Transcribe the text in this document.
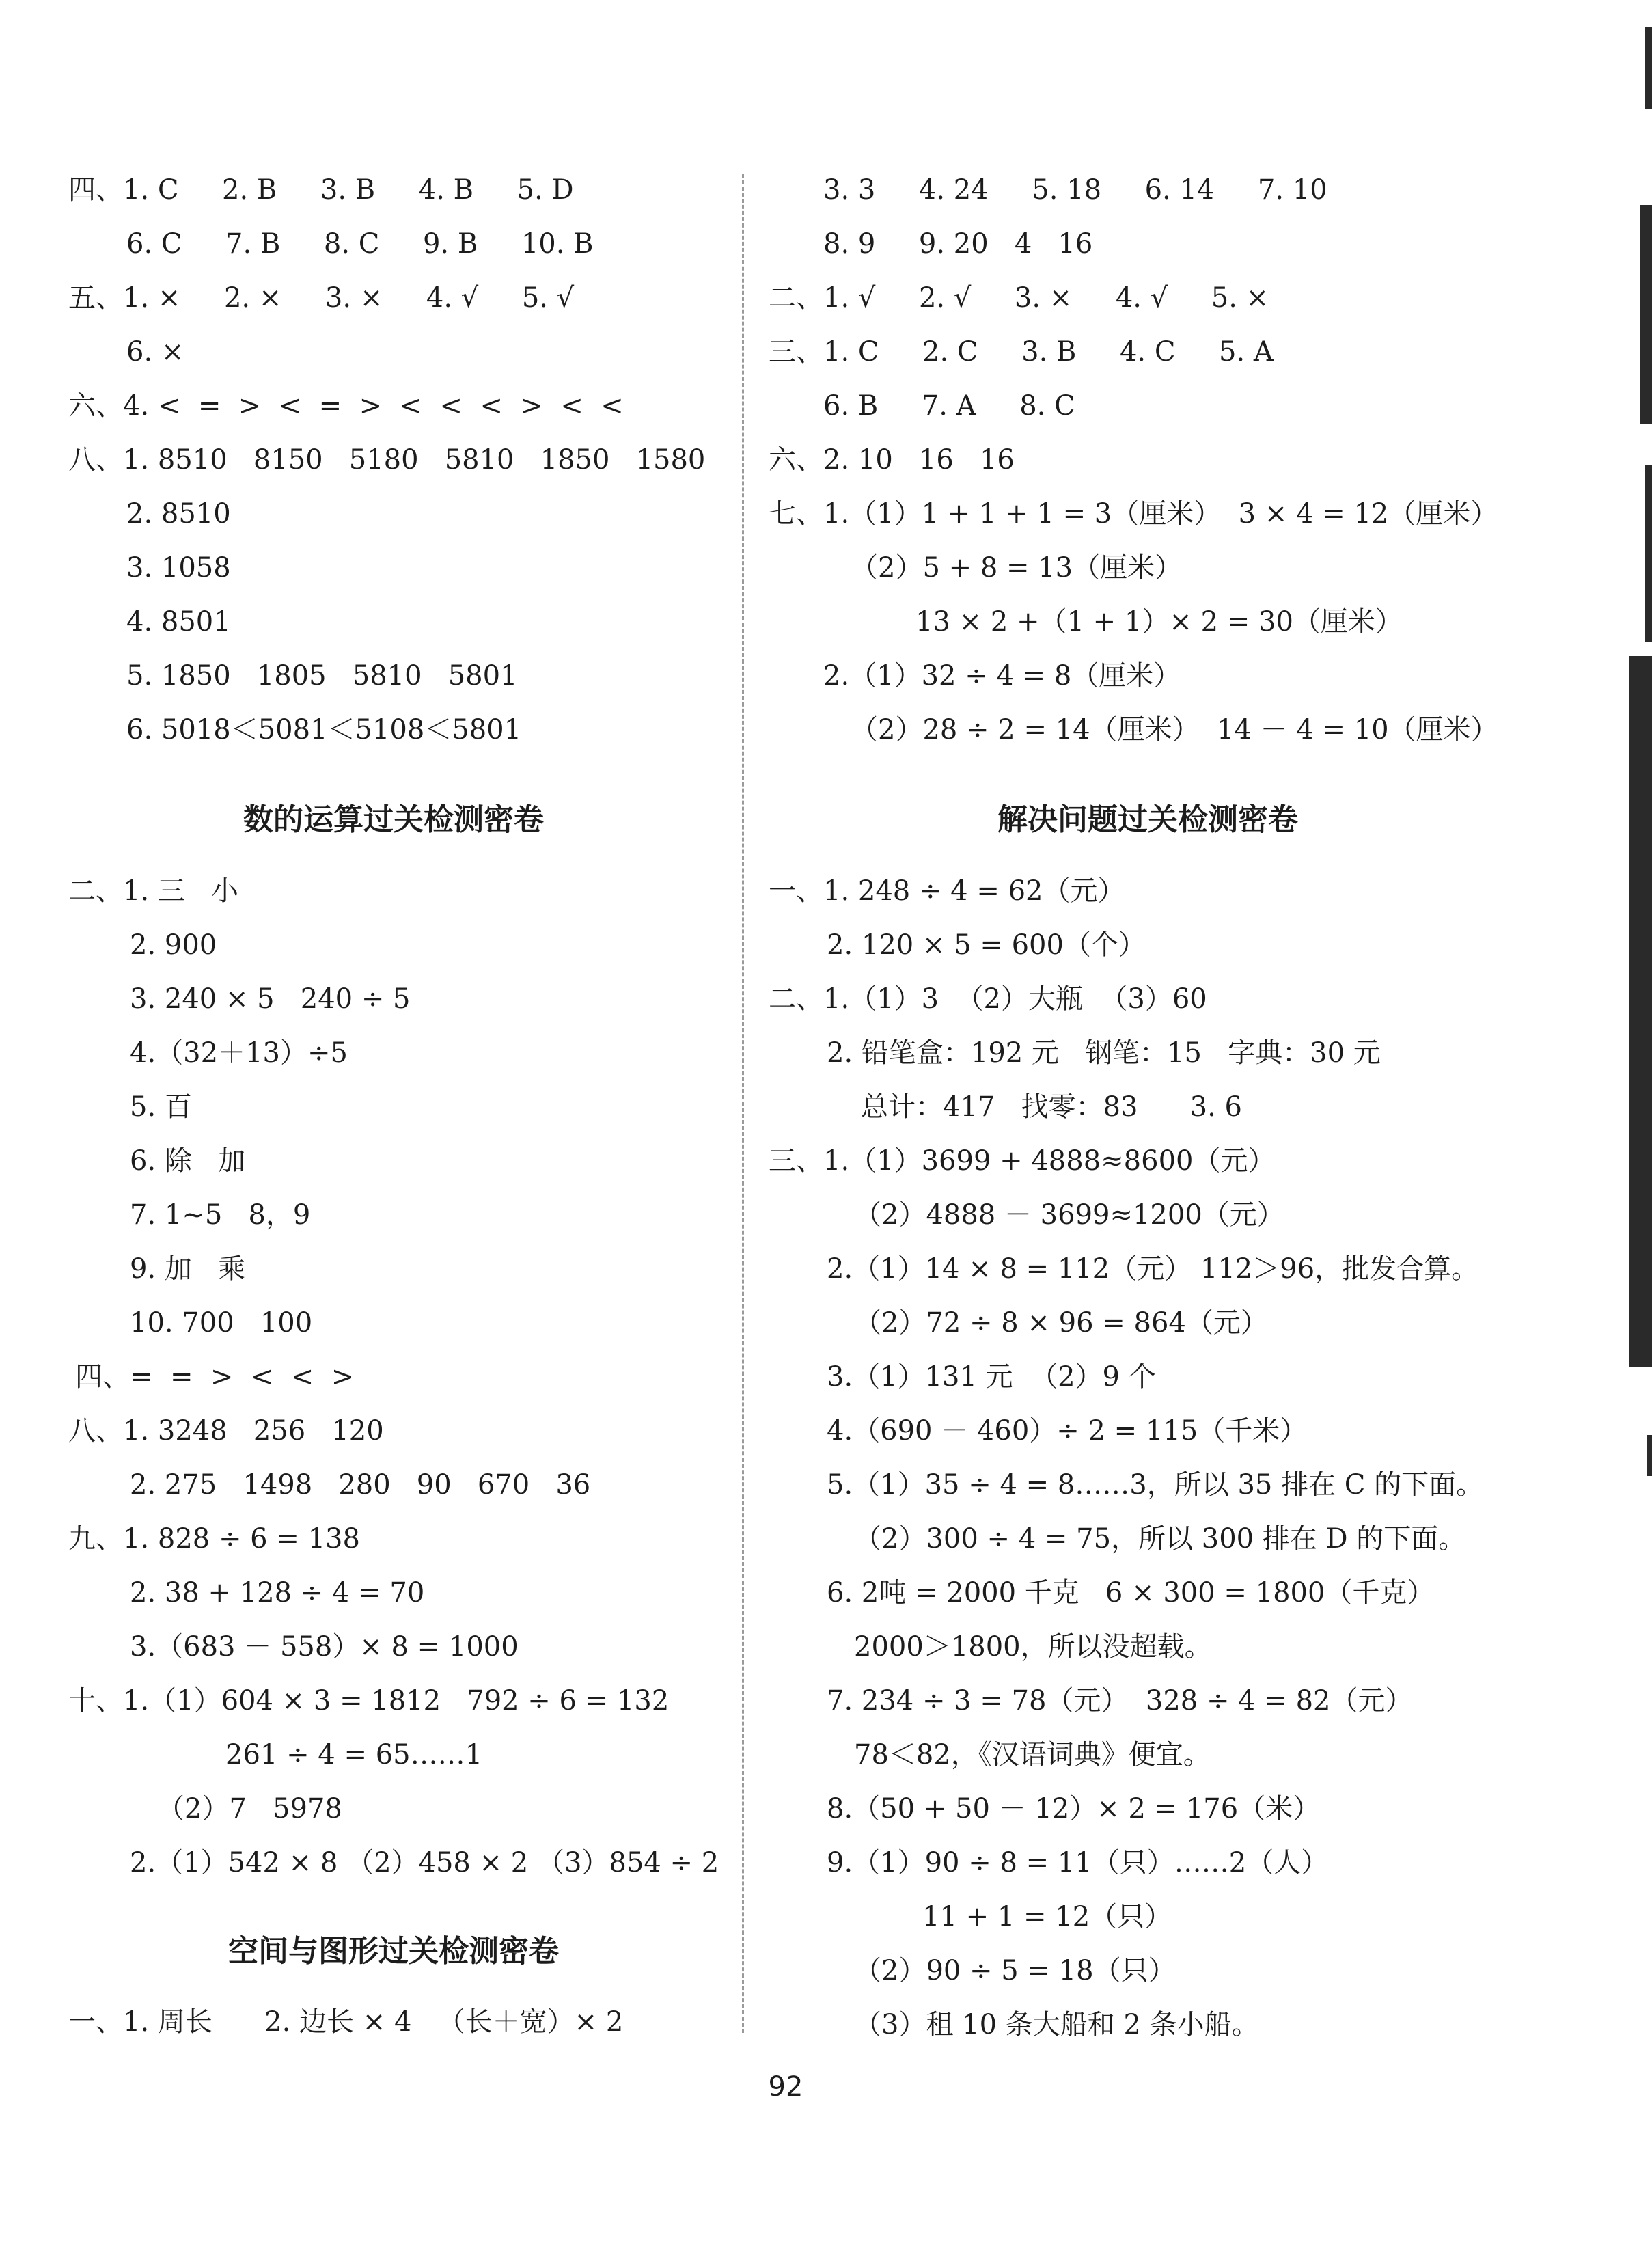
四、1. C     2. B     3. B     4. B     5. D
6. C     7. B     8. C     9. B     10. B
五、1. ×     2. ×     3. ×     4. √     5. √
6. ×
六、4. <  =  >  <  =  >  <  <  <  >  <  <
八、1. 8510   8150   5180   5810   1850   1580
2. 8510
3. 1058
4. 8501
5. 1850   1805   5810   5801
6. 5018＜5081＜5108＜5801
数的运算过关检测密卷
二、1. 三   小
2. 900
3. 240 × 5   240 ÷ 5
4.（32＋13）÷5
5. 百
6. 除   加
7. 1~5   8，9
9. 加   乘
10. 700   100
四、=  =  >  <  <  >
八、1. 3248   256   120
2. 275   1498   280   90   670   36
九、1. 828 ÷ 6 = 138
2. 38 + 128 ÷ 4 = 70
3.（683 － 558）× 8 = 1000
十、1.（1）604 × 3 = 1812   792 ÷ 6 = 132
261 ÷ 4 = 65……1
（2）7   5978
2.（1）542 × 8 （2）458 × 2 （3）854 ÷ 2
空间与图形过关检测密卷
一、1. 周长      2. 边长 × 4   （长＋宽）× 2
3. 3     4. 24     5. 18     6. 14     7. 10
8. 9     9. 20   4   16
二、1. √     2. √     3. ×     4. √     5. ×
三、1. C     2. C     3. B     4. C     5. A
6. B     7. A     8. C
六、2. 10   16   16
七、1.（1）1 + 1 + 1 = 3（厘米）  3 × 4 = 12（厘米）
（2）5 + 8 = 13（厘米）
13 × 2 +（1 + 1）× 2 = 30（厘米）
2.（1）32 ÷ 4 = 8（厘米）
（2）28 ÷ 2 = 14（厘米）  14 － 4 = 10（厘米）
解决问题过关检测密卷
一、1. 248 ÷ 4 = 62（元）
2. 120 × 5 = 600（个）
二、1.（1）3  （2）大瓶  （3）60
2. 铅笔盒：192 元   钢笔：15   字典：30 元
总计：417   找零：83      3. 6
三、1.（1）3699 + 4888≈8600（元）
（2）4888 － 3699≈1200（元）
2.（1）14 × 8 = 112（元） 112＞96，批发合算。
（2）72 ÷ 8 × 96 = 864（元）
3.（1）131 元  （2）9 个
4.（690 － 460）÷ 2 = 115（千米）
5.（1）35 ÷ 4 = 8……3，所以 35 排在 C 的下面。
（2）300 ÷ 4 = 75，所以 300 排在 D 的下面。
6. 2吨 = 2000 千克   6 × 300 = 1800（千克）
2000＞1800，所以没超载。
7. 234 ÷ 3 = 78（元）  328 ÷ 4 = 82（元）
78＜82，《汉语词典》便宜。
8.（50 + 50 － 12）× 2 = 176（米）
9.（1）90 ÷ 8 = 11（只）……2（人）
11 + 1 = 12（只）
（2）90 ÷ 5 = 18（只）
（3）租 10 条大船和 2 条小船。
92
